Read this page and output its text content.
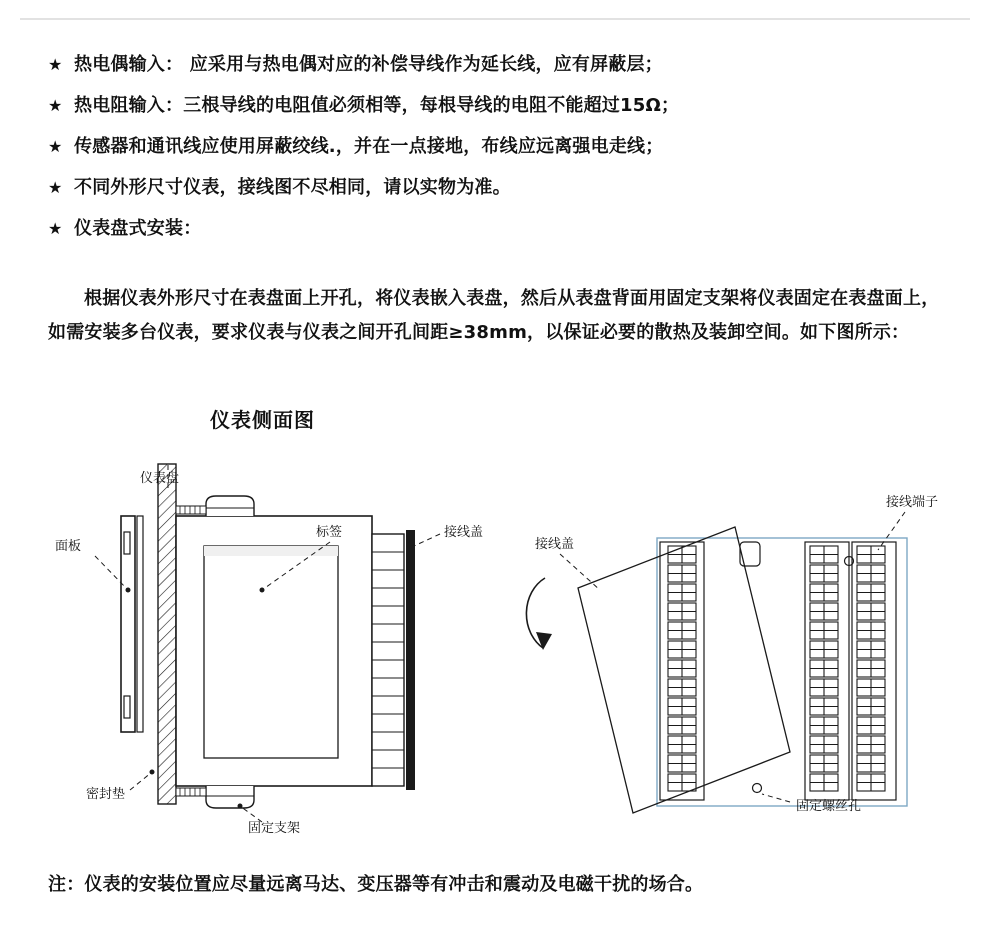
★ 热电偶输入： 应采用与热电偶对应的补偿导线作为延长线，应有屏蔽层；
★ 热电阻输入：三根导线的电阻值必须相等，每根导线的电阻不能超过15Ω；
★ 传感器和通讯线应使用屏蔽绞线.，并在一点接地，布线应远离强电走线；
★ 不同外形尺寸仪表，接线图不尽相同，请以实物为准。
★ 仪表盘式安装：
根据仪表外形尺寸在表盘面上开孔，将仪表嵌入表盘，然后从表盘背面用固定支架将仪表固定在表盘面上，如需安装多台仪表，要求仪表与仪表之间开孔间距≥38mm，以保证必要的散热及装卸空间。如下图所示：
仪表侧面图
仪表盘
面板
标签	接线盖
接线盖
接线端子
密封垫
固定支架
固定螺丝孔
注：仪表的安装位置应尽量远离马达、变压器等有冲击和震动及电磁干扰的场合。
